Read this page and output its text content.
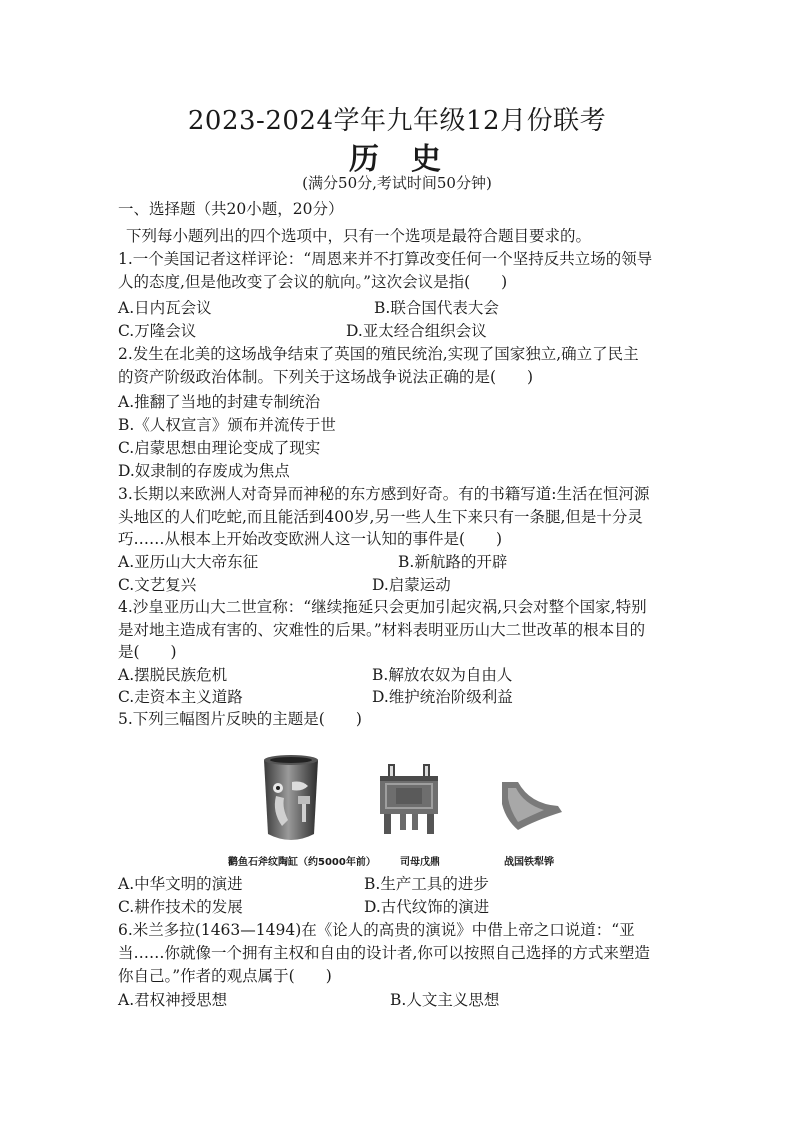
2023-2024学年九年级12月份联考
历 史
(满分50分,考试时间50分钟)
一、选择题（共20小题，20分）
下列每小题列出的四个选项中，只有一个选项是最符合题目要求的。
1.一个美国记者这样评论：“周恩来并不打算改变任何一个坚持反共立场的领导
人的态度,但是他改变了会议的航向。”这次会议是指(　　)
A.日内瓦会议	B.联合国代表大会
C.万隆会议	D.亚太经合组织会议
2.发生在北美的这场战争结束了英国的殖民统治,实现了国家独立,确立了民主
的资产阶级政治体制。下列关于这场战争说法正确的是(　　)
A.推翻了当地的封建专制统治
B.《人权宣言》颁布并流传于世
C.启蒙思想由理论变成了现实
D.奴隶制的存废成为焦点
3.长期以来欧洲人对奇异而神秘的东方感到好奇。有的书籍写道:生活在恒河源
头地区的人们吃蛇,而且能活到400岁,另一些人生下来只有一条腿,但是十分灵
巧……从根本上开始改变欧洲人这一认知的事件是(　　)
A.亚历山大大帝东征	B.新航路的开辟
C.文艺复兴	D.启蒙运动
4.沙皇亚历山大二世宣称：“继续拖延只会更加引起灾祸,只会对整个国家,特别
是对地主造成有害的、灾难性的后果。”材料表明亚历山大二世改革的根本目的
是(　　)
A.摆脱民族危机	B.解放农奴为自由人
C.走资本主义道路	D.维护统治阶级利益
5.下列三幅图片反映的主题是(　　)
鹳鱼石斧纹陶缸（约5000年前） 司母戊鼎	战国铁犁铧
A.中华文明的演进	B.生产工具的进步
C.耕作技术的发展	D.古代纹饰的演进
6.米兰多拉(1463—1494)在《论人的高贵的演说》中借上帝之口说道：“亚
当……你就像一个拥有主权和自由的设计者,你可以按照自己选择的方式来塑造
你自己。”作者的观点属于(　　)
A.君权神授思想	B.人文主义思想
